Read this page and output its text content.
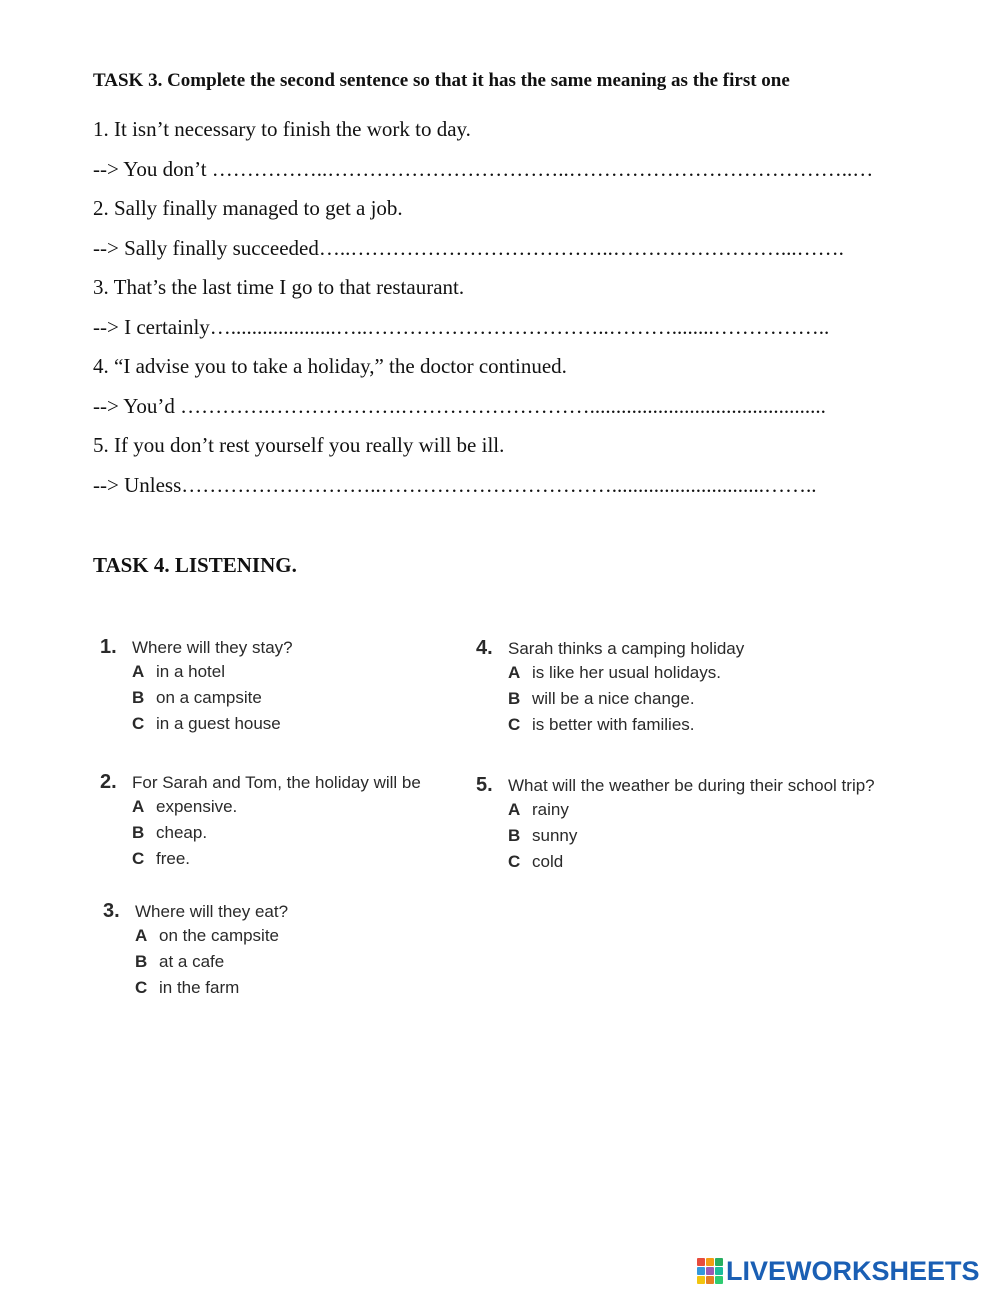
TASK 3. Complete the second sentence so that it has the same meaning as the first one
1. It isn’t necessary to finish the work to day.
--> You don’t ……………..……………………………..…………………………………..…
2. Sally finally managed to get a job.
--> Sally finally succeeded…..………………………………..……………………...…….
3. That’s the last time I go to that restaurant.
--> I certainly…....................…..……………………………..………........……………..
4. “I advise you to take a holiday,” the doctor continued.
--> You’d ………….……………….……………………….............................................
5. If you don’t rest yourself you really will be ill.
--> Unless………………………..…………………………….............................……..
TASK 4. LISTENING.
1. Where will they stay?
A in a hotel
B on a campsite
C in a guest house
2. For Sarah and Tom, the holiday will be
A expensive.
B cheap.
C free.
3. Where will they eat?
A on the campsite
B at a cafe
C in the farm
4. Sarah thinks a camping holiday
A is like her usual holidays.
B will be a nice change.
C is better with families.
5. What will the weather be during their school trip?
A rainy
B sunny
C cold
LIVEWORKSHEETS
